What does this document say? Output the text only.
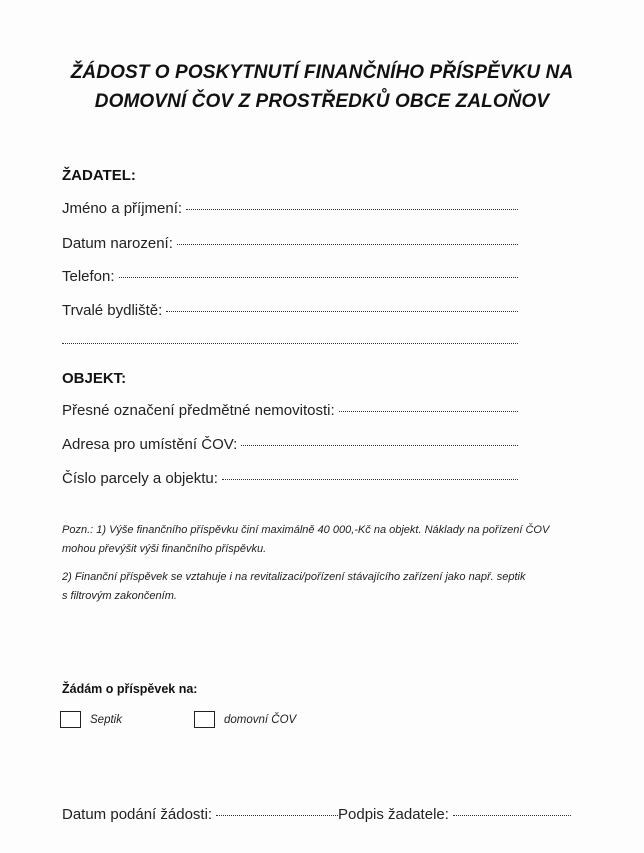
ŽÁDOST O POSKYTNUTÍ FINANČNÍHO PŘÍSPĚVKU NA
DOMOVNÍ ČOV Z PROSTŘEDKŮ OBCE ZALOŇOV
ŽADATEL:
Jméno a příjmení:
Datum narození:
Telefon:
Trvalé bydliště:
OBJEKT:
Přesné označení předmětné nemovitosti:
Adresa pro umístění ČOV:
Číslo parcely a objektu:
Pozn.: 1) Výše finančního příspěvku činí maximálně 40 000,-Kč na objekt. Náklady na pořízení ČOV
mohou převýšit výši finančního příspěvku.
2) Finanční příspěvek se vztahuje i na revitalizaci/pořízení stávajícího zařízení jako např. septik
s filtrovým zakončením.
Žádám o příspěvek na:
Septik	domovní ČOV
Datum podání žádosti:	Podpis žadatele:
